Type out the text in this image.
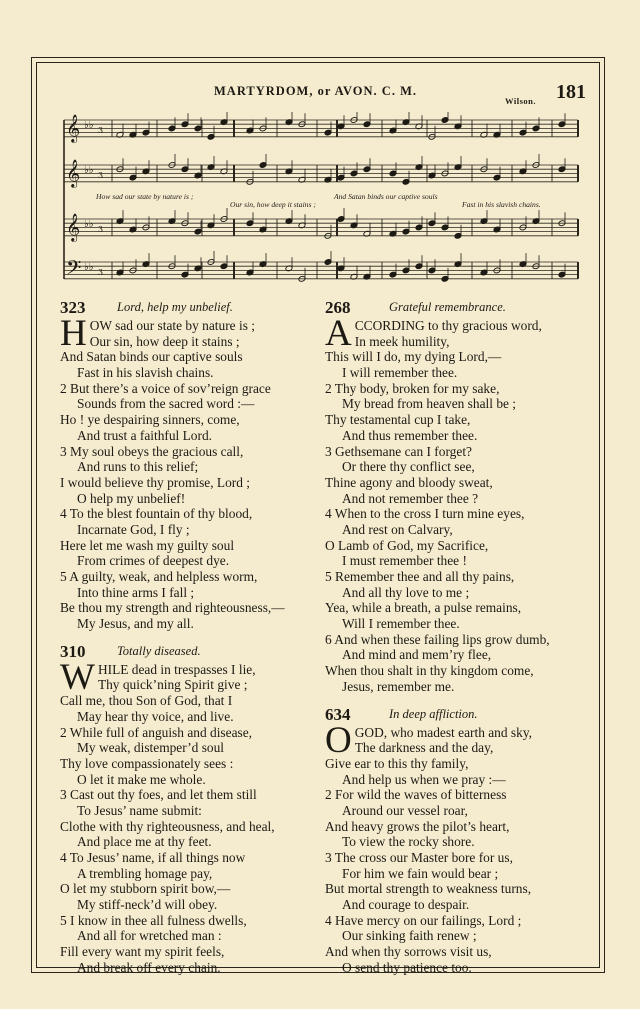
MARTYRDOM, or AVON. C. M.
Wilson. 181
𝄞 ♭♭ 3
𝄞 ♭♭ 3
𝄞 ♭♭ 3
𝄢 ♭♭ 3
How sad our state by nature is ;
Our sin, how deep it stains ;
And Satan binds our captive souls
Fast in his slavish chains.
323	Lord, help my unbelief.
H OW sad our state by nature is ;
Our sin, how deep it stains ;
And Satan binds our captive souls
Fast in his slavish chains.
2 But there’s a voice of sov’reign grace
Sounds from the sacred word :—
Ho ! ye despairing sinners, come,
And trust a faithful Lord.
3 My soul obeys the gracious call,
And runs to this relief;
I would believe thy promise, Lord ;
O help my unbelief!
4 To the blest fountain of thy blood,
Incarnate God, I fly ;
Here let me wash my guilty soul
From crimes of deepest dye.
5 A guilty, weak, and helpless worm,
Into thine arms I fall ;
Be thou my strength and righteousness,—
My Jesus, and my all.
310	Totally diseased.
W HILE dead in trespasses I lie,
Thy quick’ning Spirit give ;
Call me, thou Son of God, that I
May hear thy voice, and live.
2 While full of anguish and disease,
My weak, distemper’d soul
Thy love compassionately sees :
O let it make me whole.
3 Cast out thy foes, and let them still
To Jesus’ name submit:
Clothe with thy righteousness, and heal,
And place me at thy feet.
4 To Jesus’ name, if all things now
A trembling homage pay,
O let my stubborn spirit bow,—
My stiff-neck’d will obey.
5 I know in thee all fulness dwells,
And all for wretched man :
Fill every want my spirit feels,
And break off every chain.
268	Grateful remembrance.
A CCORDING to thy gracious word,
In meek humility,
This will I do, my dying Lord,—
I will remember thee.
2 Thy body, broken for my sake,
My bread from heaven shall be ;
Thy testamental cup I take,
And thus remember thee.
3 Gethsemane can I forget?
Or there thy conflict see,
Thine agony and bloody sweat,
And not remember thee ?
4 When to the cross I turn mine eyes,
And rest on Calvary,
O Lamb of God, my Sacrifice,
I must remember thee !
5 Remember thee and all thy pains,
And all thy love to me ;
Yea, while a breath, a pulse remains,
Will I remember thee.
6 And when these failing lips grow dumb,
And mind and mem’ry flee,
When thou shalt in thy kingdom come,
Jesus, remember me.
634	In deep affliction.
O GOD, who madest earth and sky,
The darkness and the day,
Give ear to this thy family,
And help us when we pray :—
2 For wild the waves of bitterness
Around our vessel roar,
And heavy grows the pilot’s heart,
To view the rocky shore.
3 The cross our Master bore for us,
For him we fain would bear ;
But mortal strength to weakness turns,
And courage to despair.
4 Have mercy on our failings, Lord ;
Our sinking faith renew ;
And when thy sorrows visit us,
O send thy patience too.
